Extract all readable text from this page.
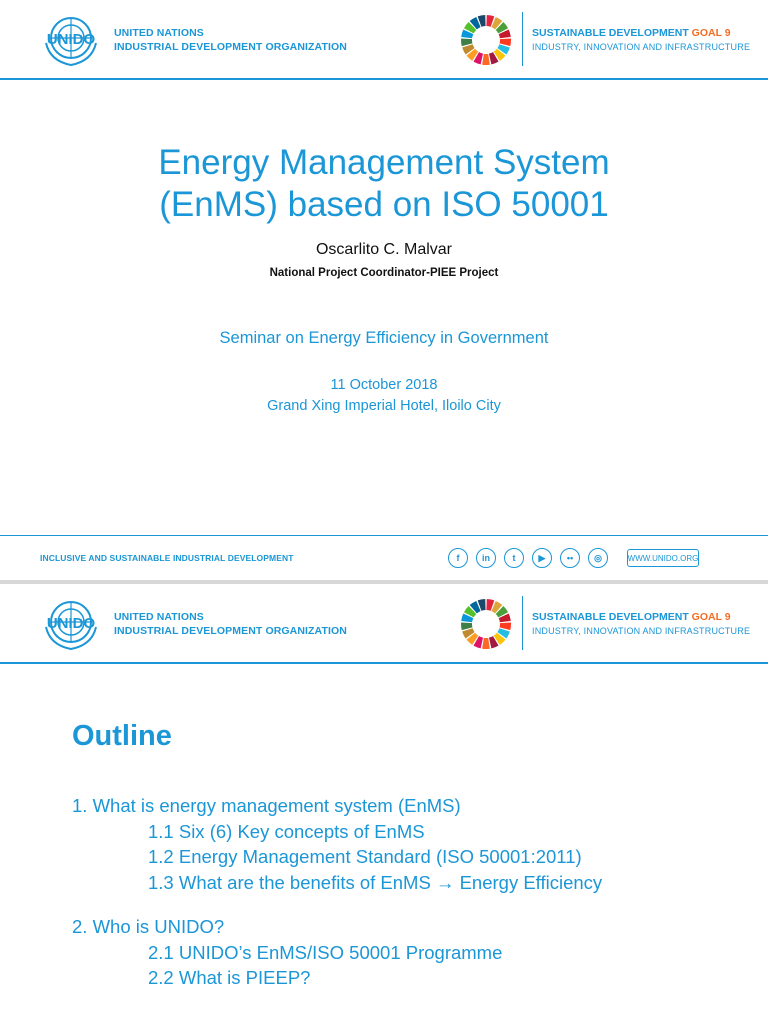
UNIDO UNITED NATIONS
INDUSTRIAL DEVELOPMENT ORGANIZATION
SUSTAINABLE DEVELOPMENT GOAL 9
INDUSTRY, INNOVATION AND INFRASTRUCTURE
Energy Management System
(EnMS) based on ISO 50001
Oscarlito C. Malvar
National Project Coordinator-PIEE Project
Seminar on Energy Efficiency in Government
11 October 2018
Grand Xing Imperial Hotel, Iloilo City
INCLUSIVE AND SUSTAINABLE INDUSTRIAL DEVELOPMENT	f	in	t	▶	••	◎	WWW.UNIDO.ORG
UNIDO UNITED NATIONS
INDUSTRIAL DEVELOPMENT ORGANIZATION
SUSTAINABLE DEVELOPMENT GOAL 9
INDUSTRY, INNOVATION AND INFRASTRUCTURE
Outline
1. What is energy management system (EnMS)
1.1 Six (6) Key concepts of EnMS
1.2 Energy Management Standard (ISO 50001:2011)
1.3 What are the benefits of EnMS → Energy Efficiency
2. Who is UNIDO?
2.1 UNIDO’s EnMS/ISO 50001 Programme
2.2 What is PIEEP?
